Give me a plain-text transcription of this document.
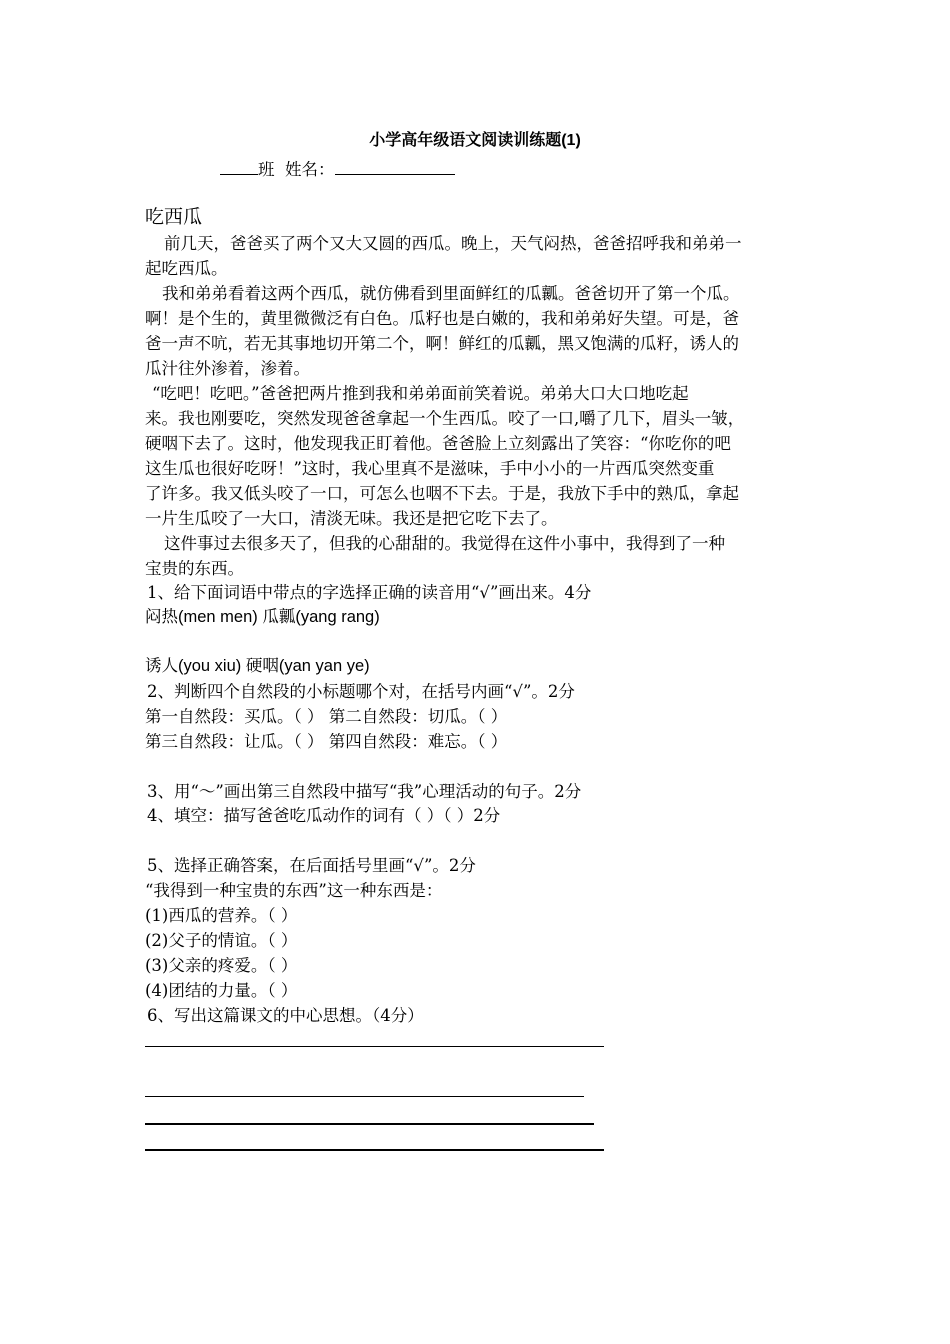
小学高年级语文阅读训练题(1)
班 姓名：
吃西瓜
前几天，爸爸买了两个又大又圆的西瓜。晚上，天气闷热，爸爸招呼我和弟弟一
起吃西瓜。
我和弟弟看着这两个西瓜，就仿佛看到里面鲜红的瓜瓤。爸爸切开了第一个瓜。
啊！是个生的，黄里微微泛有白色。瓜籽也是白嫩的，我和弟弟好失望。可是，爸
爸一声不吭，若无其事地切开第二个，啊！鲜红的瓜瓤，黑又饱满的瓜籽，诱人的
瓜汁往外渗着，渗着。
“吃吧！吃吧。”爸爸把两片推到我和弟弟面前笑着说。弟弟大口大口地吃起
来。我也刚要吃，突然发现爸爸拿起一个生西瓜。咬了一口,嚼了几下，眉头一皱，
硬咽下去了。这时，他发现我正盯着他。爸爸脸上立刻露出了笑容：“你吃你的吧
这生瓜也很好吃呀！”这时，我心里真不是滋味，手中小小的一片西瓜突然变重
了许多。我又低头咬了一口，可怎么也咽不下去。于是，我放下手中的熟瓜，拿起
一片生瓜咬了一大口，清淡无味。我还是把它吃下去了。
这件事过去很多天了，但我的心甜甜的。我觉得在这件小事中，我得到了一种
宝贵的东西。
1、给下面词语中带点的字选择正确的读音用“√”画出来。4分
闷热(men men) 瓜瓤(yang rang)
诱人(you xiu) 硬咽(yan yan ye)
2、判断四个自然段的小标题哪个对，在括号内画“√”。2分
第一自然段：买瓜。（ ） 第二自然段：切瓜。（ ）
第三自然段：让瓜。（ ） 第四自然段：难忘。（ ）
3、用“～”画出第三自然段中描写“我”心理活动的句子。2分
4、填空：描写爸爸吃瓜动作的词有（ ）（ ）2分
5、选择正确答案，在后面括号里画“√”。2分
“我得到一种宝贵的东西”这一种东西是：
(1)西瓜的营养。（ ）
(2)父子的情谊。（ ）
(3)父亲的疼爱。（ ）
(4)团结的力量。（ ）
6、写出这篇课文的中心思想。（4分）
